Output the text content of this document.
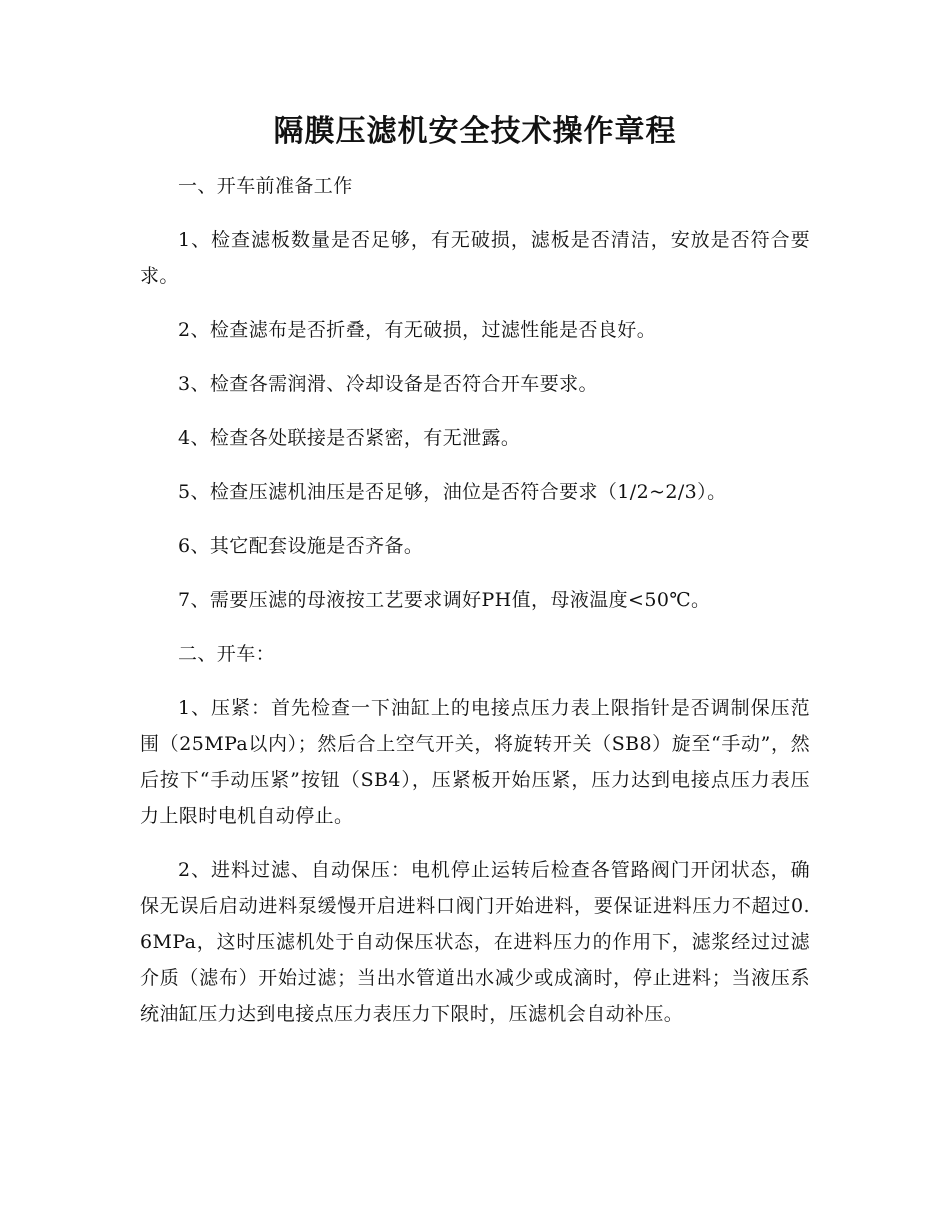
隔膜压滤机安全技术操作章程

一、开车前准备工作

1、检查滤板数量是否足够，有无破损，滤板是否清洁，安放是否符合要求。

2、检查滤布是否折叠，有无破损，过滤性能是否良好。

3、检查各需润滑、冷却设备是否符合开车要求。

4、检查各处联接是否紧密，有无泄露。

5、检查压滤机油压是否足够，油位是否符合要求（1/2~2/3）。

6、其它配套设施是否齐备。

7、需要压滤的母液按工艺要求调好PH值，母液温度<50℃。

二、开车：

1、压紧：首先检查一下油缸上的电接点压力表上限指针是否调制保压范围（25MPa以内）；然后合上空气开关，将旋转开关（SB8）旋至“手动”，然后按下“手动压紧”按钮（SB4），压紧板开始压紧，压力达到电接点压力表压力上限时电机自动停止。

2、进料过滤、自动保压：电机停止运转后检查各管路阀门开闭状态，确保无误后启动进料泵缓慢开启进料口阀门开始进料，要保证进料压力不超过0.6MPa，这时压滤机处于自动保压状态，在进料压力的作用下，滤浆经过过滤介质（滤布）开始过滤；当出水管道出水减少或成滴时，停止进料；当液压系统油缸压力达到电接点压力表压力下限时，压滤机会自动补压。
